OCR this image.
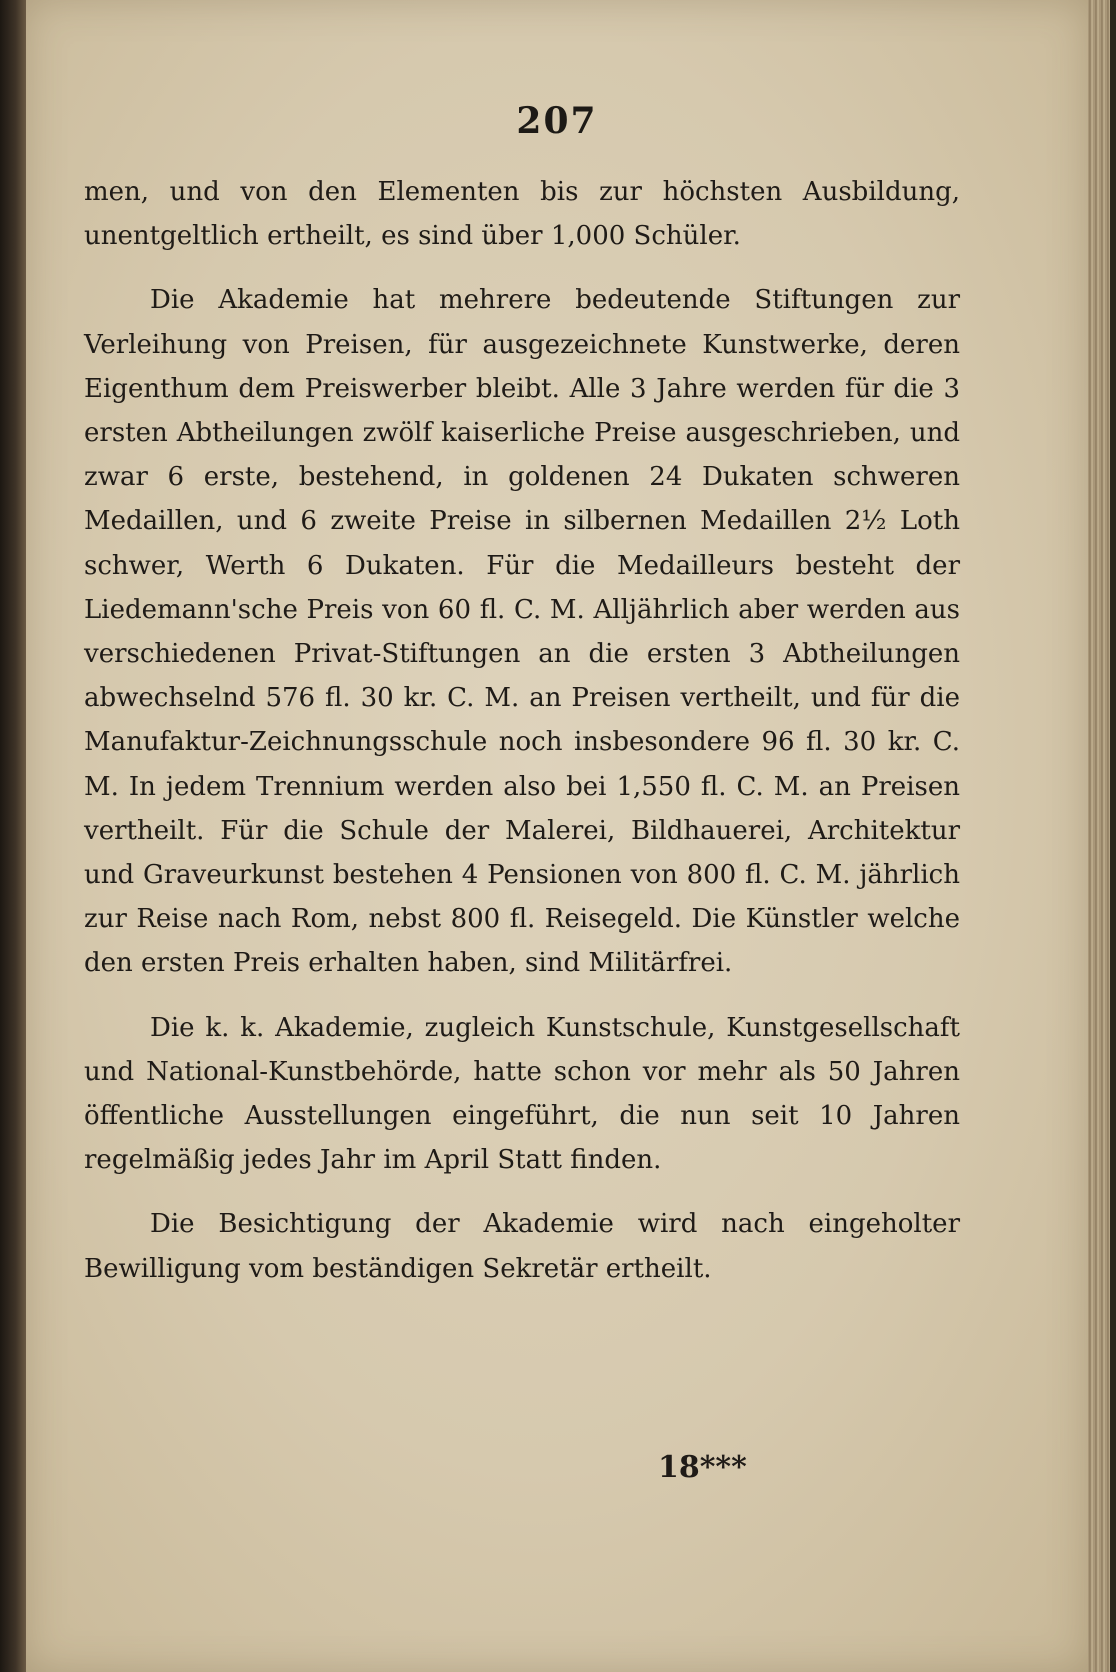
207

men, und von den Elementen bis zur höchsten Ausbildung, unentgeltlich ertheilt, es sind über 1,000 Schüler.

Die Akademie hat mehrere bedeutende Stiftungen zur Verleihung von Preisen, für ausgezeichnete Kunstwerke, deren Eigenthum dem Preiswerber bleibt. Alle 3 Jahre werden für die 3 ersten Abtheilungen zwölf kaiserliche Preise ausgeschrieben, und zwar 6 erste, bestehend, in goldenen 24 Dukaten schweren Medaillen, und 6 zweite Preise in silbernen Medaillen 2½ Loth schwer, Werth 6 Dukaten. Für die Medailleurs besteht der Liedemann'sche Preis von 60 fl. C. M. Alljährlich aber werden aus verschiedenen Privat-Stiftungen an die ersten 3 Abtheilungen abwechselnd 576 fl. 30 kr. C. M. an Preisen vertheilt, und für die Manufaktur-Zeichnungsschule noch insbesondere 96 fl. 30 kr. C. M. In jedem Trennium werden also bei 1,550 fl. C. M. an Preisen vertheilt. Für die Schule der Malerei, Bildhauerei, Architektur und Graveurkunst bestehen 4 Pensionen von 800 fl. C. M. jährlich zur Reise nach Rom, nebst 800 fl. Reisegeld. Die Künstler welche den ersten Preis erhalten haben, sind Militärfrei.

Die k. k. Akademie, zugleich Kunstschule, Kunstgesellschaft und National-Kunstbehörde, hatte schon vor mehr als 50 Jahren öffentliche Ausstellungen eingeführt, die nun seit 10 Jahren regelmäßig jedes Jahr im April Statt finden.

Die Besichtigung der Akademie wird nach eingeholter Bewilligung vom beständigen Sekretär ertheilt.

18***
